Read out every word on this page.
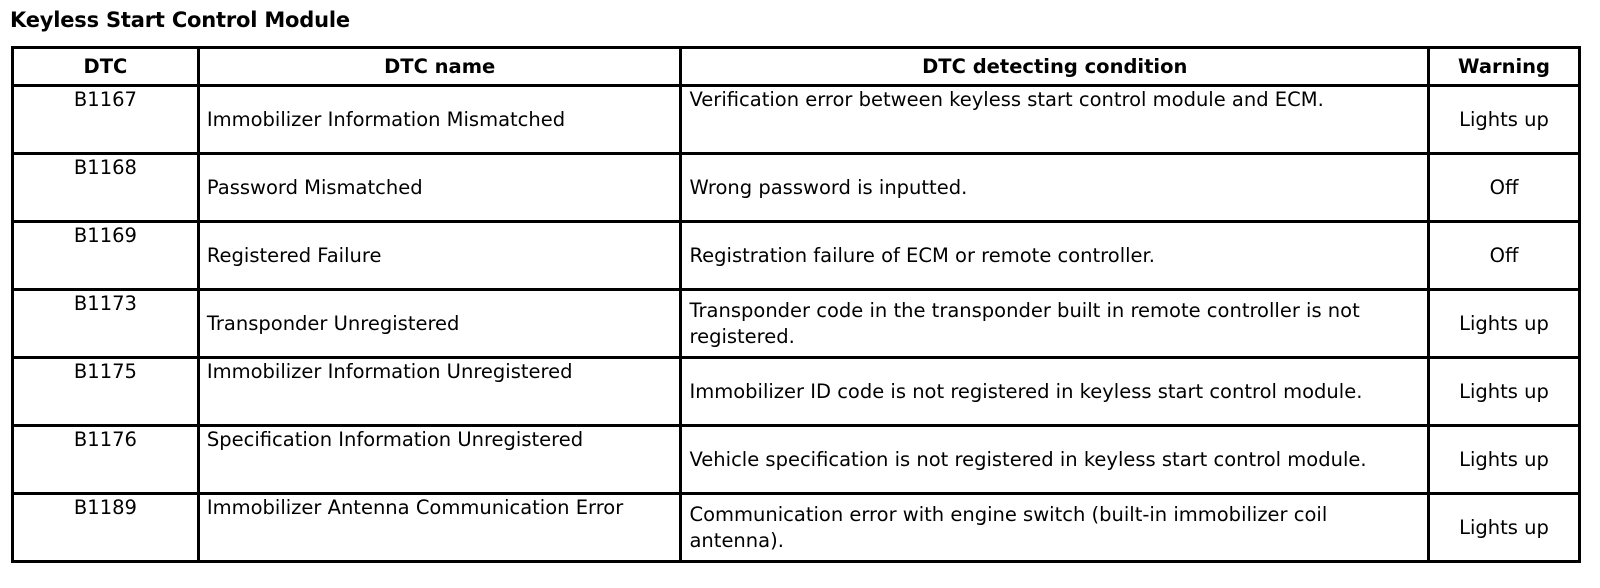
Keyless Start Control Module
DTC	DTC name	DTC detecting condition	Warning
B1167	Immobilizer Information Mismatched	Verification error between keyless start control module and ECM.	Lights up
B1168	Password Mismatched	Wrong password is inputted.	Off
B1169	Registered Failure	Registration failure of ECM or remote controller.	Off
B1173	Transponder Unregistered	Transponder code in the transponder built in remote controller is not registered.	Lights up
B1175	Immobilizer Information Unregistered	Immobilizer ID code is not registered in keyless start control module.	Lights up
B1176	Specification Information Unregistered	Vehicle specification is not registered in keyless start control module.	Lights up
B1189	Immobilizer Antenna Communication Error	Communication error with engine switch (built-in immobilizer coil antenna).	Lights up
